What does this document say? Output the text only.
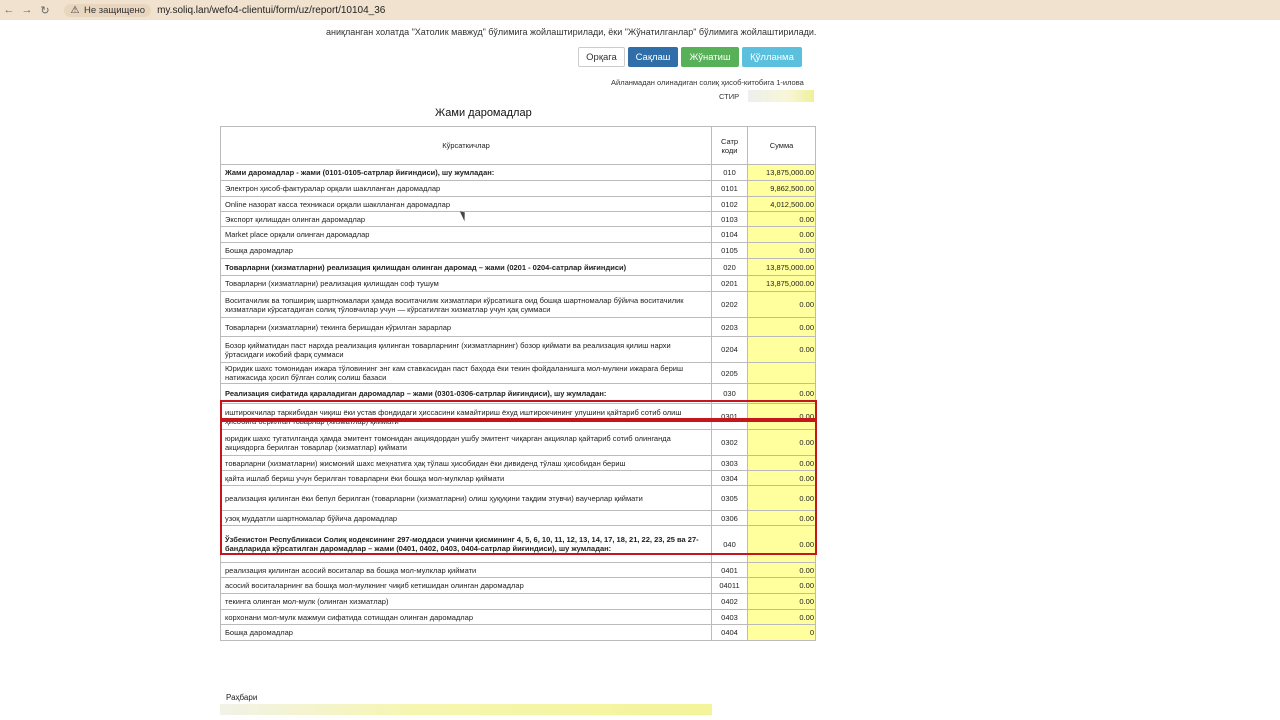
← → ↻	⚠ Не защищено my.soliq.lan/wefo4-clientui/form/uz/report/10104_36
аниқланган холатда "Хатолик мавжуд" бўлимига жойлаштирилади, ёки "Жўнатилганлар" бўлимига жойлаштирилади.
Орқага	Сақлаш	Жўнатиш	Қўлланма
Айланмадан олинадиган солиқ ҳисоб-китобига 1-илова
СТИР
Жами даромадлар
Кўрсаткичлар	Сатр коди	Сумма
Жами даромадлар - жами (0101-0105-сатрлар йиғиндиси), шу жумладан:	010	13,875,000.00
Электрон ҳисоб-фактуралар орқали шаклланган даромадлар	0101	9,862,500.00
Online назорат касса техникаси орқали шаклланган даромадлар	0102	4,012,500.00
Экспорт қилишдан олинган даромадлар	0103	0.00
Market place орқали олинган даромадлар	0104	0.00
Бошқа даромадлар	0105	0.00
Товарларни (хизматларни) реализация қилишдан олинган даромад – жами (0201 - 0204-сатрлар йиғиндиси)	020	13,875,000.00
Товарларни (хизматларни) реализация қилишдан соф тушум	0201	13,875,000.00
Воситачилик ва топшириқ шартномалари ҳамда воситачилик хизматлари кўрсатишга оид бошқа шартномалар бўйича воситачилик хизматлари кўрсатадиган солиқ тўловчилар учун — кўрсатилган хизматлар учун ҳақ суммаси	0202	0.00
Товарларни (хизматларни) текинга беришдан кўрилган зарарлар	0203	0.00
Бозор қийматидан паст нархда реализация қилинган товарларнинг (хизматларнинг) бозор қиймати ва реализация қилиш нархи ўртасидаги ижобий фарқ суммаси	0204	0.00
Юридик шахс томонидан ижара тўловининг энг кам ставкасидан паст баҳода ёки текин фойдаланишга мол-мулкни ижарага бериш натижасида ҳосил бўлган солиқ солиш базаси	0205	
Реализация сифатида қараладиган даромадлар – жами (0301-0306-сатрлар йиғиндиси), шу жумладан:	030	0.00
иштирокчилар таркибидан чиқиш ёки устав фондидаги ҳиссасини камайтириш ёхуд иштирокчининг улушини қайтариб сотиб олиш ҳисобига берилган товарлар (хизматлар) қиймати	0301	0.00
юридик шахс тугатилганда ҳамда эмитент томонидан акциядордан ушбу эмитент чиқарган акциялар қайтариб сотиб олинганда акциядорга берилган товарлар (хизматлар) қиймати	0302	0.00
товарларни (хизматларни) жисмоний шахс меҳнатига ҳақ тўлаш ҳисобидан ёки дивиденд тўлаш ҳисобидан бериш	0303	0.00
қайта ишлаб бериш учун берилган товарларни ёки бошқа мол-мулклар қиймати	0304	0.00
реализация қилинган ёки бепул берилган (товарларни (хизматларни) олиш ҳуқуқини тақдим этувчи) ваучерлар қиймати	0305	0.00
узоқ муддатли шартномалар бўйича даромадлар	0306	0.00
Ўзбекистон Республикаси Солиқ кодексининг 297-моддаси учинчи қисмининг 4, 5, 6, 10, 11, 12, 13, 14, 17, 18, 21, 22, 23, 25 ва 27-бандларида кўрсатилган даромадлар – жами (0401, 0402, 0403, 0404-сатрлар йиғиндиси), шу жумладан:	040	0.00
реализация қилинган асосий воситалар ва бошқа мол-мулклар қиймати	0401	0.00
асосий воситаларнинг ва бошқа мол-мулкнинг чиқиб кетишидан олинган даромадлар	04011	0.00
текинга олинган мол-мулк (олинган хизматлар)	0402	0.00
корхонани мол-мулк мажмуи сифатида сотишдан олинган даромадлар	0403	0.00
Бошқа даромадлар	0404	0
Раҳбари
